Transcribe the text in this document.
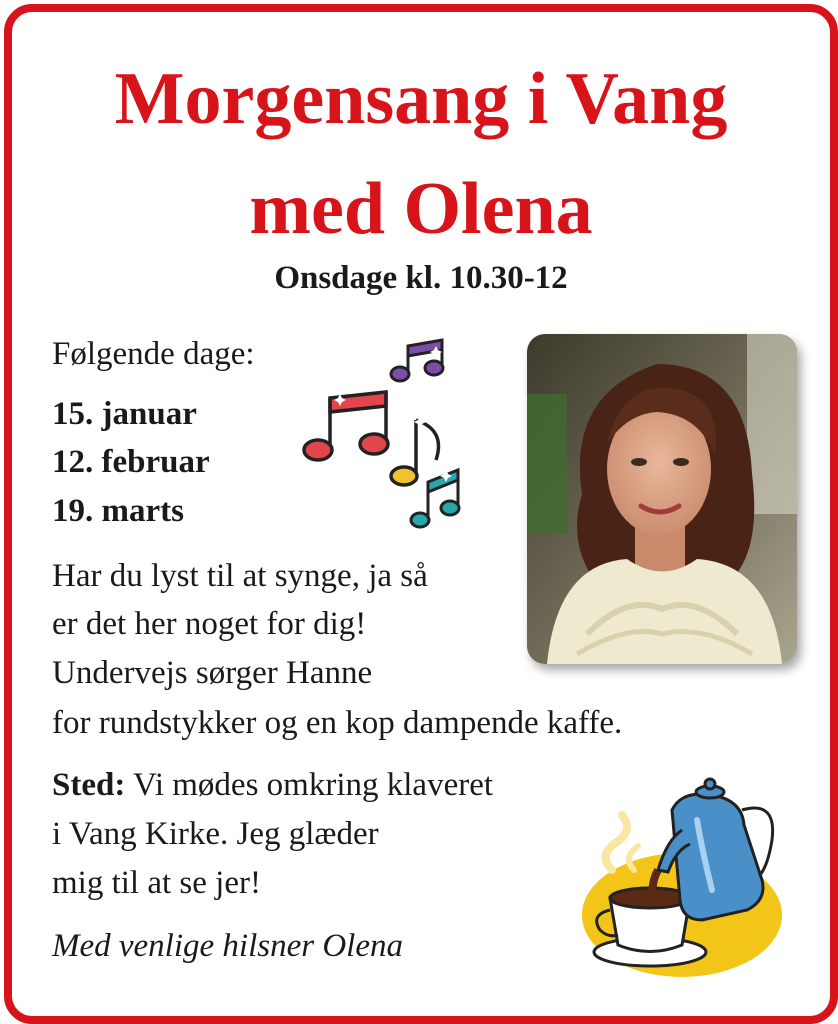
Morgensang i Vang
med Olena
Onsdage kl. 10.30-12
Følgende dage:
15. januar
12. februar
19. marts
Har du lyst til at synge, ja så
er det her noget for dig!
Undervejs sørger Hanne
for rundstykker og en kop dampende kaffe.
Sted: Vi mødes omkring klaveret
i Vang Kirke. Jeg glæder
mig til at se jer!
Med venlige hilsner Olena
